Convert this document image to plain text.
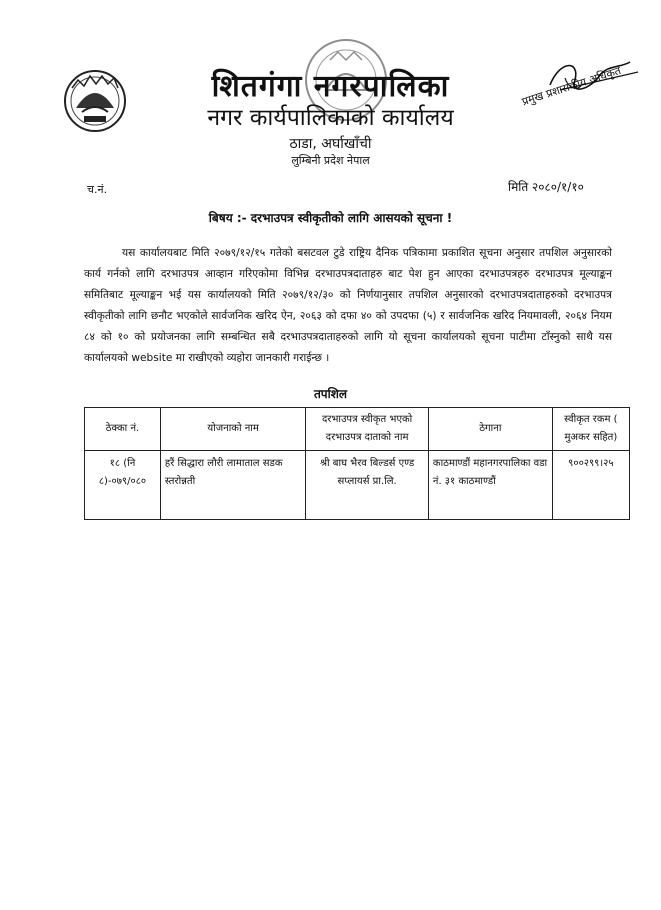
शितगंगा नगरपालिका
नगर कार्यपालिकाको कार्यालय
ठाडा, अर्घाखाँची
लुम्बिनी प्रदेश नेपाल
प्रमुख प्रशासकीय अधिकृत
च.नं.	मिति २०८०/१/१०
बिषय :- दरभाउपत्र स्वीकृतीको लागि आसयको सूचना !
यस कार्यालयबाट मिति २०७९/१२/१५ गतेको बसटवल टुडे राष्ट्रिय दैनिक पत्रिकामा प्रकाशित सूचना अनुसार तपशिल अनुसारको कार्य गर्नको लागि दरभाउपत्र आव्हान गरिएकोमा विभिन्न दरभाउपत्रदाताहरु बाट पेश हुन आएका दरभाउपत्रहरु दरभाउपत्र मूल्याङ्कन समितिबाट मूल्याङ्कन भई यस कार्यालयको मिति २०७९/१२/३० को निर्णयानुसार तपशिल अनुसारको दरभाउपत्रदाताहरुको दरभाउपत्र स्वीकृतीको लागि छनौट भएकोले सार्वजनिक खरिद ऐन, २०६३ को दफा ४० को उपदफा (५) र सार्वजनिक खरिद नियमावली, २०६४ नियम ८४ को १० को प्रयोजनका लागि सम्बन्धित सबै दरभाउपत्रदाताहरुको लागि यो सूचना कार्यालयको सूचना पाटीमा टाँस्नुको साथै यस कार्यालयको website मा राखीएको व्यहोरा जानकारी गराईन्छ ।
तपशिल
ठेक्का नं.	योजनाको नाम	दरभाउपत्र स्वीकृत भएको दरभाउपत्र दाताको नाम	ठेगाना	स्वीकृत रकम ( मुअकर सहित)
१८ (नि ८)-०७९/०८०	हरैं सिद्धारा लौरी लामाताल सडक स्तरोन्नती	श्री बाघ भैरव बिल्डर्स एण्ड सप्लायर्स प्रा.लि.	काठमाण्डौं महानगरपालिका वडा नं. ३१ काठमाण्डौं	९००२९९।२५
